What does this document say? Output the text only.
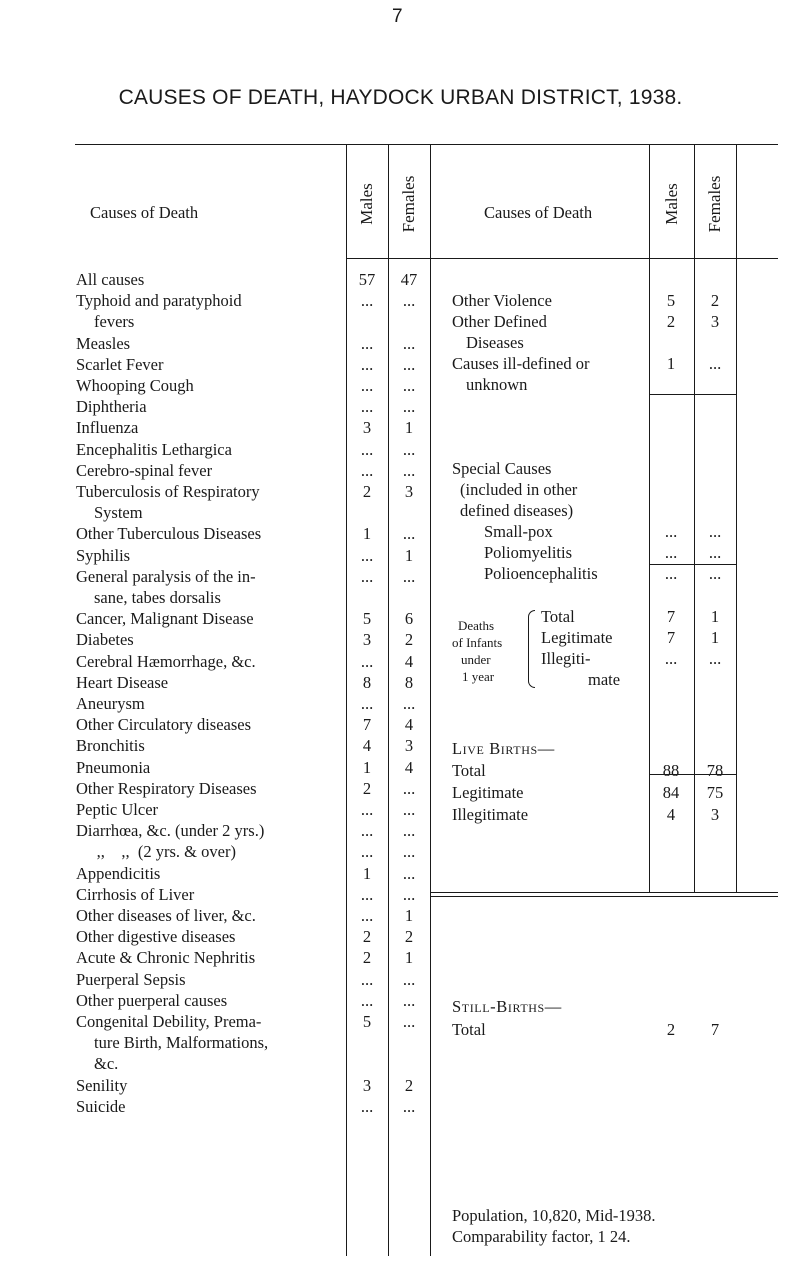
7
CAUSES OF DEATH, HAYDOCK URBAN DISTRICT, 1938.
Causes of Death	Males Females	Causes of Death	Males Females
All causes	57	47
Typhoid and paratyphoid	...	...
fevers
Measles	...	...
Scarlet Fever	...	...
Whooping Cough	...	...
Diphtheria	...	...
Influenza	3	1
Encephalitis Lethargica	...	...
Cerebro-spinal fever	...	...
Tuberculosis of Respiratory	2	3
System
Other Tuberculous Diseases	1	...
Syphilis	...	1
General paralysis of the in-	...	...
sane, tabes dorsalis
Cancer, Malignant Disease	5	6
Diabetes	3	2
Cerebral Hæmorrhage, &c.	...	4
Heart Disease	8	8
Aneurysm	...	...
Other Circulatory diseases	7	4
Bronchitis	4	3
Pneumonia	1	4
Other Respiratory Diseases	2	...
Peptic Ulcer	...	...
Diarrhœa, &c. (under 2 yrs.)	...	...
,,    ,,  (2 yrs. & over)	...	...
Appendicitis	1	...
Cirrhosis of Liver	...	...
Other diseases of liver, &c.	...	1
Other digestive diseases	2	2
Acute & Chronic Nephritis	2	1
Puerperal Sepsis	...	...
Other puerperal causes	...	...
Congenital Debility, Prema-	5	...
ture Birth, Malformations,
&c.
Senility	3	2
Suicide	...	...
Other Violence	5	2
Other Defined	2	3
Diseases
Causes ill-defined or	1	...
unknown
Special Causes
(included in other
defined diseases)
Small-pox	...	...
Poliomyelitis	...	...
Polioencephalitis	...	...
Deaths
of Infants
under
1 year
Total	7	1
Legitimate	7	1
Illegiti-	...	...
mate
Live Births—
Total	88	78
Legitimate	84	75
Illegitimate	4	3
Still-Births—
Total	2	7
Population, 10,820, Mid-1938.
Comparability factor, 1 24.
